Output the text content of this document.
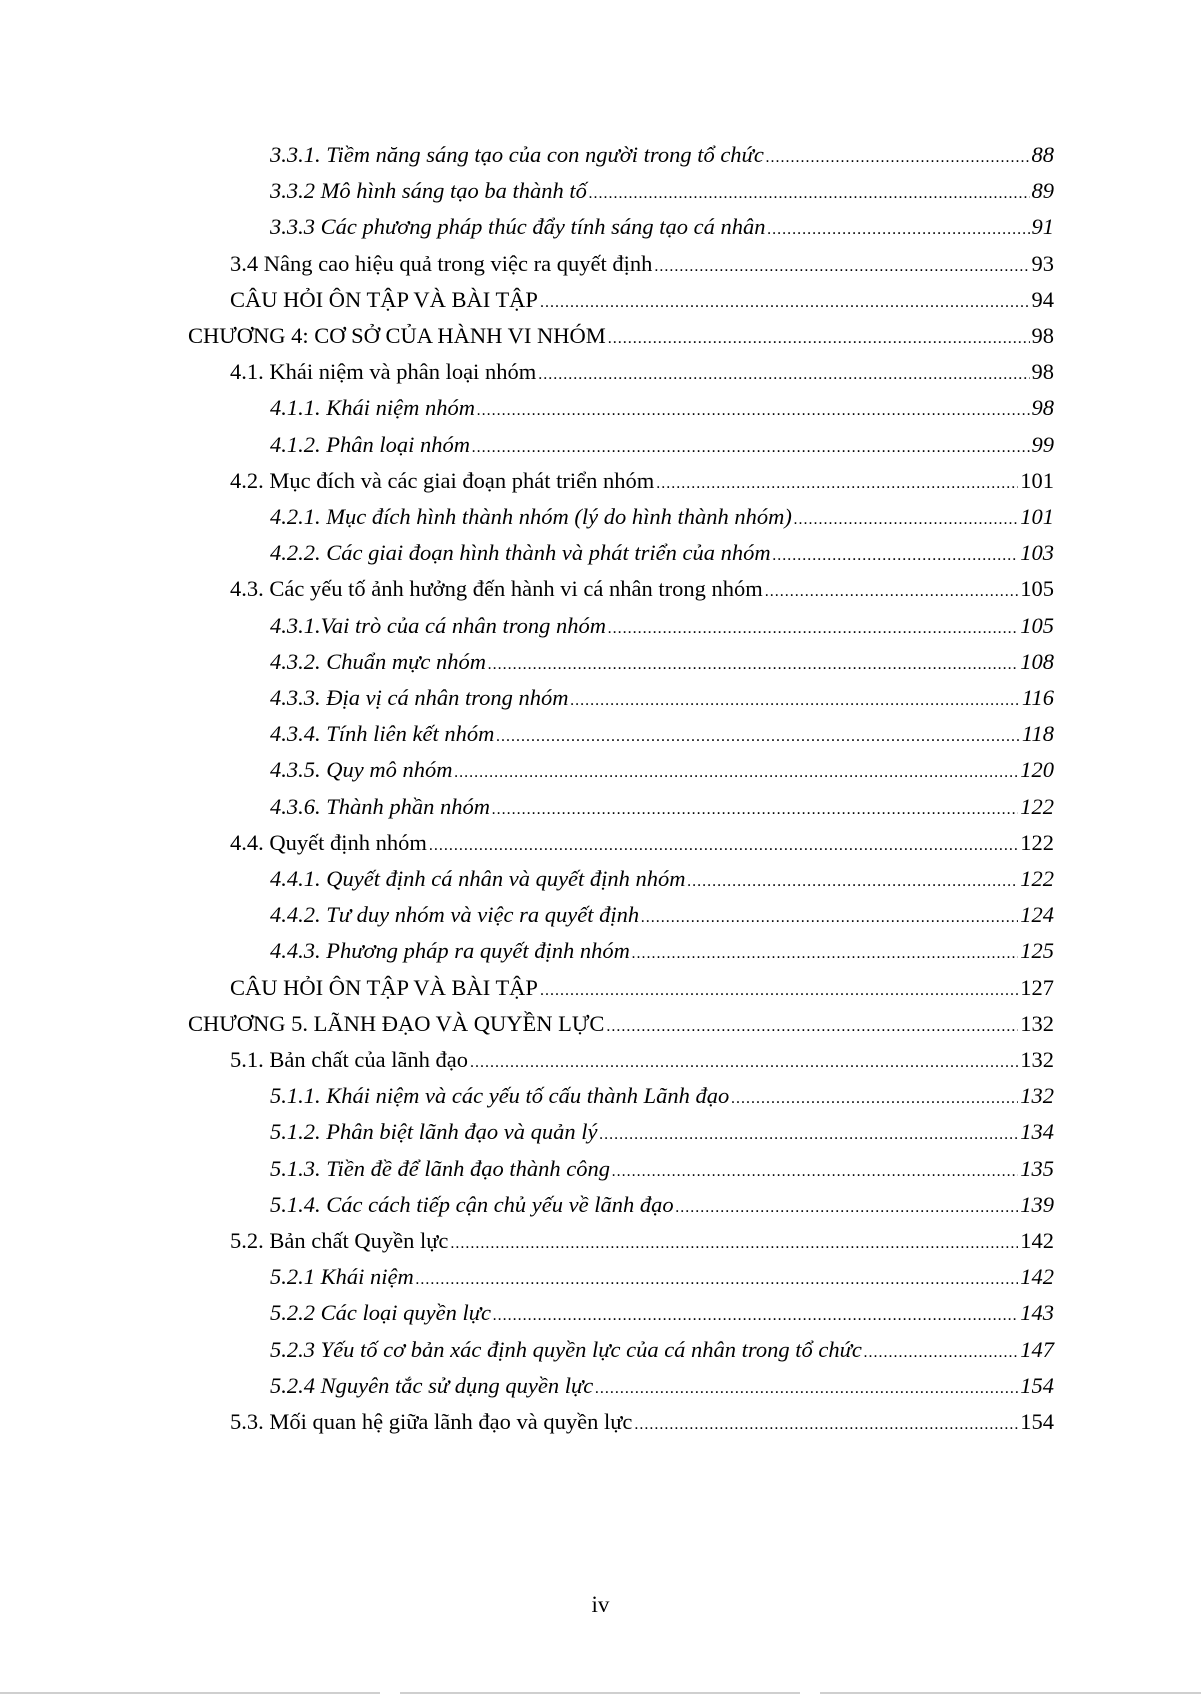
3.3.1. Tiềm năng sáng tạo của con người trong tổ chức .....	88
3.3.2 Mô hình sáng tạo ba thành tố .....	89
3.3.3 Các phương pháp thúc đẩy tính sáng tạo cá nhân .....	91
3.4 Nâng cao hiệu quả trong việc ra quyết định .....	93
CÂU HỎI ÔN TẬP VÀ BÀI TẬP .....	94
CHƯƠNG 4: CƠ SỞ CỦA HÀNH VI NHÓM .....	98
4.1. Khái niệm và phân loại nhóm .....	98
4.1.1. Khái niệm nhóm .....	98
4.1.2. Phân loại nhóm .....	99
4.2. Mục đích và các giai đoạn phát triển nhóm .....	101
4.2.1. Mục đích hình thành nhóm (lý do hình thành nhóm) .....	101
4.2.2. Các giai đoạn hình thành và phát triển của nhóm .....	103
4.3. Các yếu tố ảnh hưởng đến hành vi cá nhân trong nhóm .....	105
4.3.1.Vai trò của cá nhân trong nhóm .....	105
4.3.2. Chuẩn mực nhóm .....	108
4.3.3. Địa vị cá nhân trong nhóm .....	116
4.3.4. Tính liên kết nhóm .....	118
4.3.5. Quy mô nhóm .....	120
4.3.6. Thành phần nhóm .....	122
4.4. Quyết định nhóm .....	122
4.4.1. Quyết định cá nhân và quyết định nhóm .....	122
4.4.2. Tư duy nhóm và việc ra quyết định .....	124
4.4.3. Phương pháp ra quyết định nhóm .....	125
CÂU HỎI ÔN TẬP VÀ BÀI TẬP .....	127
CHƯƠNG 5. LÃNH ĐẠO VÀ QUYỀN LỰC .....	132
5.1. Bản chất của lãnh đạo .....	132
5.1.1. Khái niệm và các yếu tố cấu thành Lãnh đạo .....	132
5.1.2. Phân biệt lãnh đạo và quản lý .....	134
5.1.3. Tiền đề để lãnh đạo thành công .....	135
5.1.4. Các cách tiếp cận chủ yếu về lãnh đạo .....	139
5.2. Bản chất Quyền lực .....	142
5.2.1 Khái niệm .....	142
5.2.2 Các loại quyền lực .....	143
5.2.3 Yếu tố cơ bản xác định quyền lực của cá nhân trong tổ chức .....	147
5.2.4 Nguyên tắc sử dụng quyền lực .....	154
5.3. Mối quan hệ giữa lãnh đạo và quyền lực .....	154
iv
